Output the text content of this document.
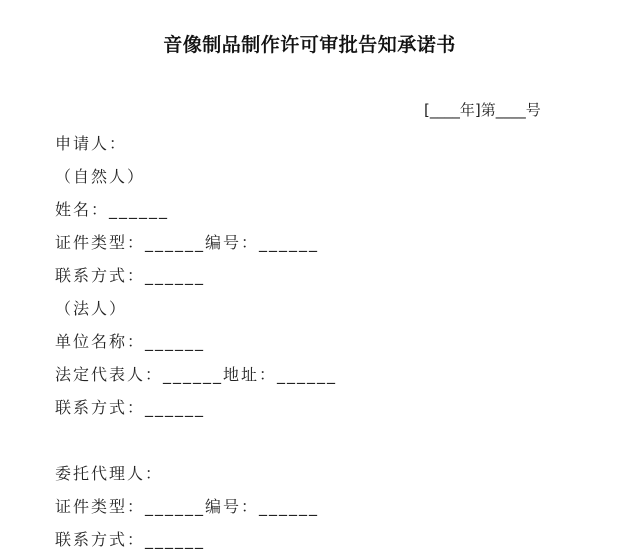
音像制品制作许可审批告知承诺书
[____年]第____号
申请人：
（自然人）
姓名：______
证件类型：______编号：______
联系方式：______
（法人）
单位名称：______
法定代表人：______地址：______
联系方式：______
委托代理人：
证件类型：______编号：______
联系方式：______
